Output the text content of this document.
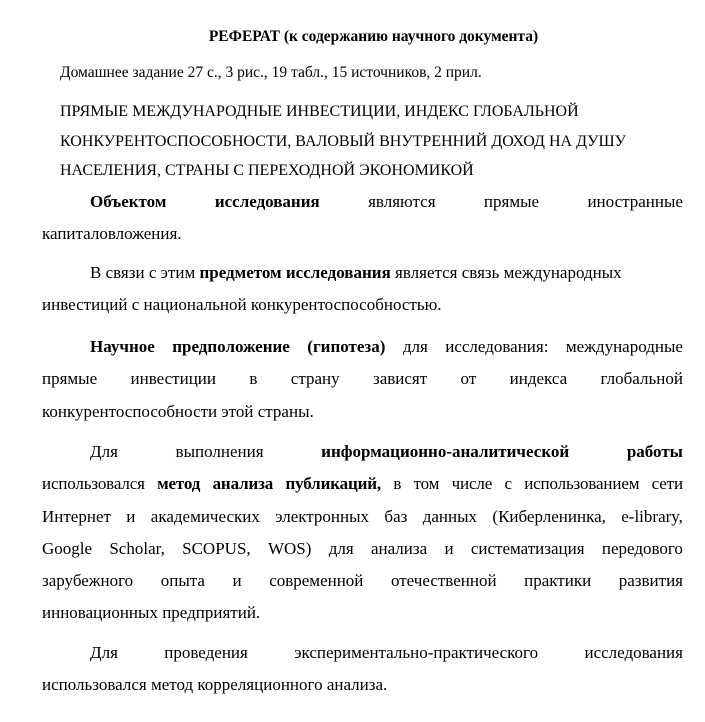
РЕФЕРАТ (к содержанию научного документа)
Домашнее задание 27 с., 3 рис., 19 табл., 15 источников, 2 прил.
ПРЯМЫЕ МЕЖДУНАРОДНЫЕ ИНВЕСТИЦИИ, ИНДЕКС ГЛОБАЛЬНОЙ
КОНКУРЕНТОСПОСОБНОСТИ, ВАЛОВЫЙ ВНУТРЕННИЙ ДОХОД НА ДУШУ
НАСЕЛЕНИЯ, СТРАНЫ С ПЕРЕХОДНОЙ ЭКОНОМИКОЙ
Объектом	исследования	являются	прямые	иностранные
капиталовложения.
В связи с этим предметом исследования является связь международных
инвестиций с национальной конкурентоспособностью.
Научное предположение (гипотеза) для исследования: международные
прямые инвестиции в страну зависят от индекса глобальной
конкурентоспособности этой страны.
Для	выполнения	информационно-аналитической	работы
использовался метод анализа публикаций, в том числе с использованием сети
Интернет и академических электронных баз данных (Киберленинка, e-library,
Google Scholar, SCOPUS, WOS) для анализа и систематизация передового
зарубежного опыта и современной отечественной практики развития
инновационных предприятий.
Для	проведения	экспериментально-практического	исследования
использовался метод корреляционного анализа.
